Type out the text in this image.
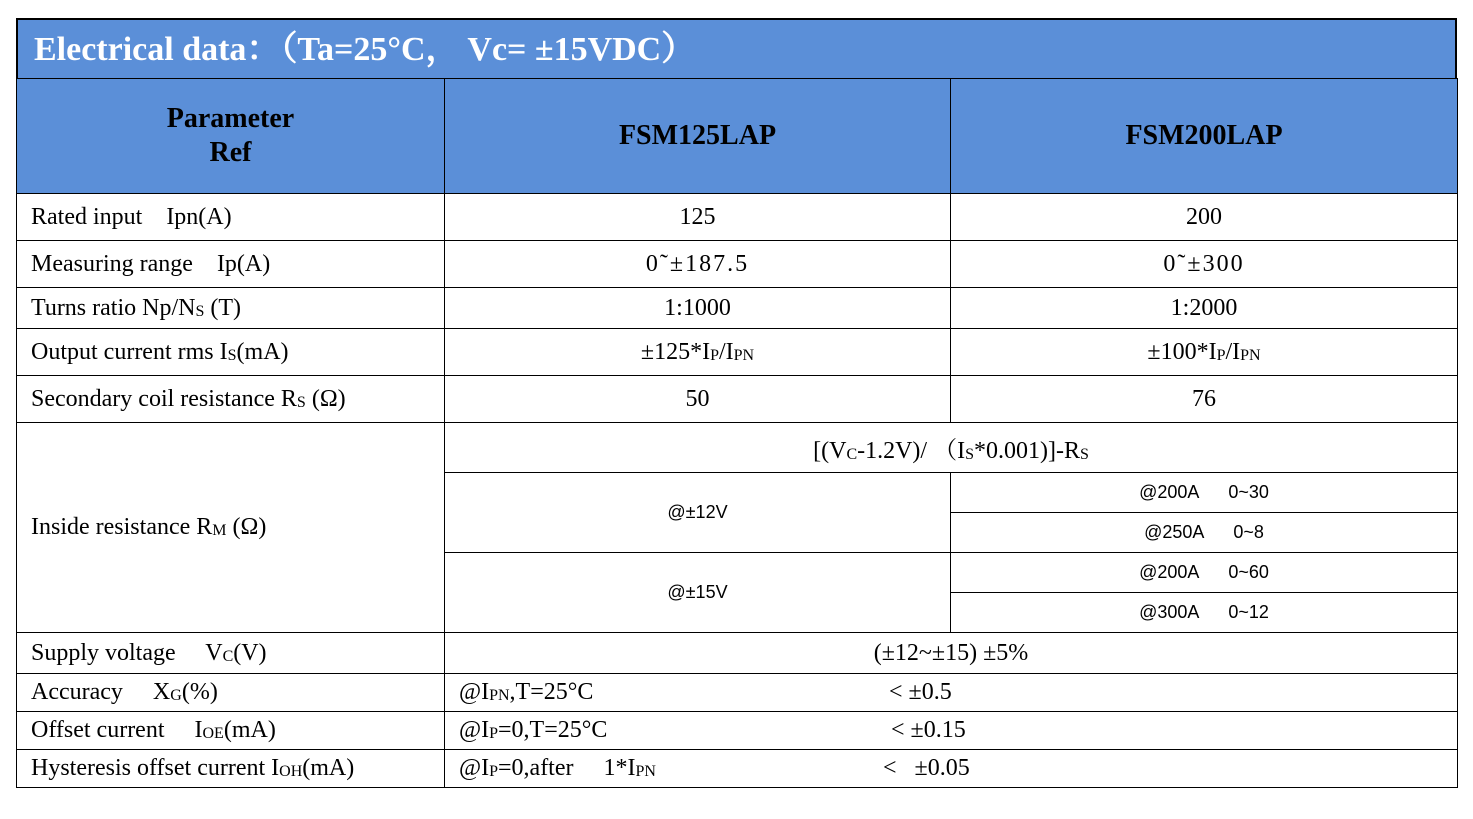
Electrical data：（Ta=25°C， Vc= ±15VDC）
Parameter
Ref	FSM125LAP	FSM200LAP
Rated input    Ipn(A)	125	200
Measuring range    Ip(A)	0˜±187.5	0˜±300
Turns ratio $Np/N_S$ (T)	1:1000	1:2000
Output current rms $I_S(mA)$	$\pm 125*I_P/I_{PN}$	$\pm 100*I_P/I_{PN}$
Secondary coil resistance $R_S$ (Ω)	50	76
Inside resistance $R_M$ (Ω)	[$(V_C-1.2V)/$ $(I_S*0.001)]-R_S$
	@±12V	@200A      0~30
		@250A      0~8
	@±15V	@200A      0~60
		@300A      0~12
Supply voltage     $V_C(V)$	(±12~±15) ±5%	
Accuracy     $X_G(\%)$	$@I_{PN},T=25^\circ C < \pm 0.5$	
Offset current     $I_{OE}(mA)$	$@I_P=0,T=25^\circ C < \pm 0.15$	
Hysteresis offset current $I_{OH}(mA)$	$@I_P=0,after$     $1*I_{PN} < \pm 0.05$	
